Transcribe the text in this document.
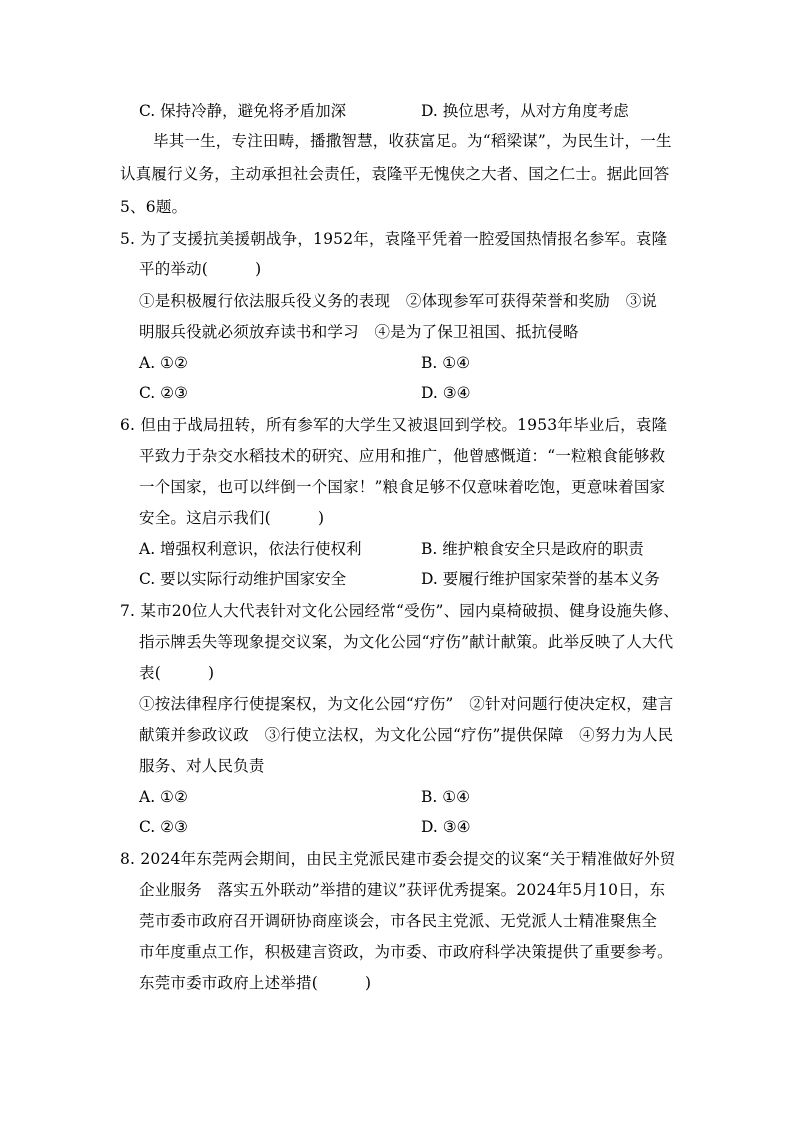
C. 保持冷静，避免将矛盾加深	D. 换位思考，从对方角度考虑
毕其一生，专注田畴，播撒智慧，收获富足。为“稻梁谋”，为民生计，一生
认真履行义务，主动承担社会责任，袁隆平无愧侠之大者、国之仁士。据此回答
5、6题。
5. 为了支援抗美援朝战争，1952年，袁隆平凭着一腔爱国热情报名参军。袁隆
平的举动(　　　)
①是积极履行依法服兵役义务的表现　②体现参军可获得荣誉和奖励　③说
明服兵役就必须放弃读书和学习　④是为了保卫祖国、抵抗侵略
A. ①②	B. ①④
C. ②③	D. ③④
6. 但由于战局扭转，所有参军的大学生又被退回到学校。1953年毕业后，袁隆
平致力于杂交水稻技术的研究、应用和推广，他曾感慨道：“一粒粮食能够救
一个国家，也可以绊倒一个国家！”粮食足够不仅意味着吃饱，更意味着国家
安全。这启示我们(　　　)
A. 增强权利意识，依法行使权利	B. 维护粮食安全只是政府的职责
C. 要以实际行动维护国家安全	D. 要履行维护国家荣誉的基本义务
7. 某市20位人大代表针对文化公园经常“受伤”、园内桌椅破损、健身设施失修、
指示牌丢失等现象提交议案，为文化公园“疗伤”献计献策。此举反映了人大代
表(　　　)
①按法律程序行使提案权，为文化公园“疗伤”　②针对问题行使决定权，建言
献策并参政议政　③行使立法权，为文化公园“疗伤”提供保障　④努力为人民
服务、对人民负责
A. ①②	B. ①④
C. ②③	D. ③④
8. 2024年东莞两会期间，由民主党派民建市委会提交的议案“关于精准做好外贸
企业服务　落实五外联动”举措的建议”获评优秀提案。2024年5月10日，东
莞市委市政府召开调研协商座谈会，市各民主党派、无党派人士精准聚焦全
市年度重点工作，积极建言资政，为市委、市政府科学决策提供了重要参考。
东莞市委市政府上述举措(　　　)
